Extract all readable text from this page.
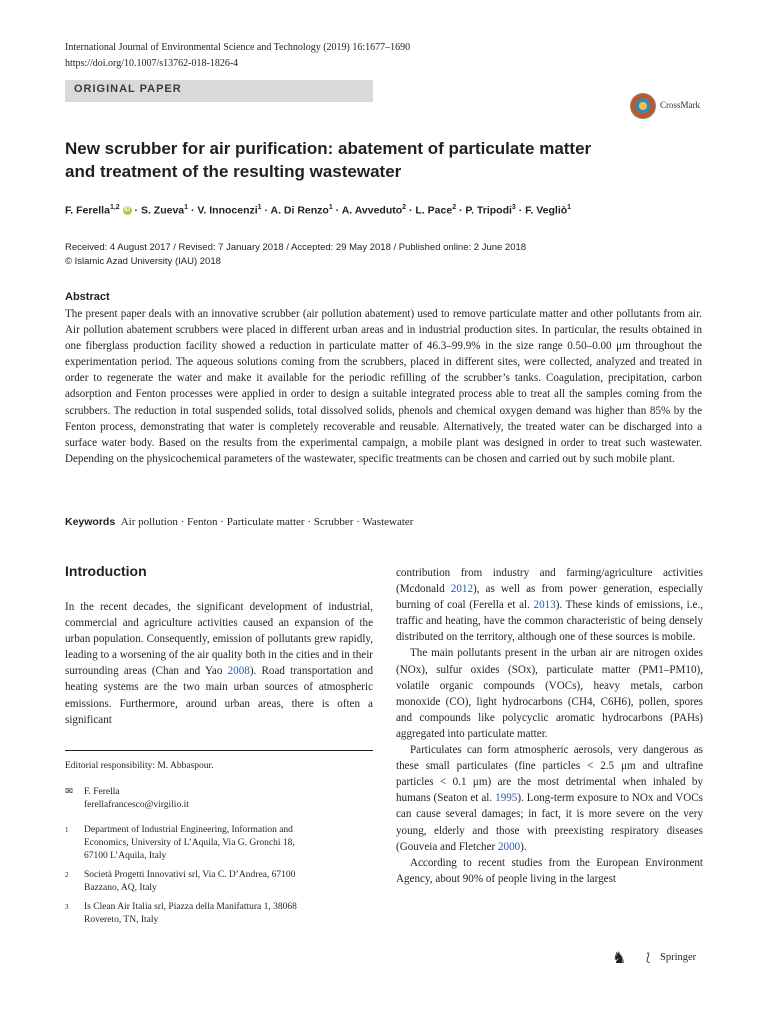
International Journal of Environmental Science and Technology (2019) 16:1677–1690
https://doi.org/10.1007/s13762-018-1826-4
ORIGINAL PAPER
CrossMark
New scrubber for air purification: abatement of particulate matter
and treatment of the resulting wastewater
F. Ferella$^{1,2}$ iD · S. Zueva$^1$ · V. Innocenzi$^1$ · A. Di Renzo$^1$ · A. Avveduto$^2$ · L. Pace$^2$ · P. Tripodi$^3$ · F. Vegliò$^1$
Received: 4 August 2017 / Revised: 7 January 2018 / Accepted: 29 May 2018 / Published online: 2 June 2018
© Islamic Azad University (IAU) 2018
Abstract
The present paper deals with an innovative scrubber (air pollution abatement) used to remove particulate matter and other pollutants from air. Air pollution abatement scrubbers were placed in different urban areas and in industrial production sites. In particular, the results obtained in one fiberglass production facility showed a reduction in particulate matter of 46.3–99.9% in the size range 0.50–0.00 μm throughout the experimentation period. The aqueous solutions coming from the scrubbers, placed in different sites, were collected, analyzed and treated in order to regenerate the water and make it available for the periodic refilling of the scrubber’s tanks. Coagulation, precipitation, carbon adsorption and Fenton processes were applied in order to design a suitable integrated process able to treat all the samples coming from the scrubbers. The reduction in total suspended solids, total dissolved solids, phenols and chemical oxygen demand was higher than 85% by the Fenton process, demonstrating that water is completely recoverable and reusable. Alternatively, the treated water can be discharged into a surface water body. Based on the results from the experimental campaign, a mobile plant was designed in order to treat such wastewater. Depending on the physicochemical parameters of the wastewater, specific treatments can be chosen and carried out by such mobile plant.
Keywords Air pollution · Fenton · Particulate matter · Scrubber · Wastewater
Introduction

In the recent decades, the significant development of industrial, commercial and agriculture activities caused an expansion of the urban population. Consequently, emission of pollutants grew rapidly, leading to a worsening of the air quality both in the cities and in their surrounding areas (Chan and Yao 2008). Road transportation and heating systems are the two main urban sources of atmospheric emissions. Furthermore, around urban areas, there is often a significant

Editorial responsibility: M. Abbaspour.
✉ F. Ferella
ferellafrancesco@virgilio.it
1 Department of Industrial Engineering, Information and Economics, University of L’Aquila, Via G. Gronchi 18, 67100 L’Aquila, Italy
2 Società Progetti Innovativi srl, Via C. D’Andrea, 67100 Bazzano, AQ, Italy
3 Is Clean Air Italia srl, Piazza della Manifattura 1, 38068 Rovereto, TN, Italy

contribution from industry and farming/agriculture activities (Mcdonald 2012), as well as from power generation, especially burning of coal (Ferella et al. 2013). These kinds of emissions, i.e., traffic and heating, have the common characteristic of being densely distributed on the territory, although one of these sources is mobile.

The main pollutants present in the urban air are nitrogen oxides (NOx), sulfur oxides (SOx), particulate matter (PM1–PM10), volatile organic compounds (VOCs), heavy metals, carbon monoxide (CO), light hydrocarbons (CH4, C6H6), pollen, spores and compounds like polycyclic aromatic hydrocarbons (PAHs) aggregated into particulate matter.

Particulates can form atmospheric aerosols, very dangerous as these small particulates (fine particles < 2.5 μm and ultrafine particles < 0.1 μm) are the most detrimental when inhaled by humans (Seaton et al. 1995). Long-term exposure to NOx and VOCs can cause several damages; in fact, it is more severe on the very young, elderly and those with preexisting respiratory diseases (Gouveia and Fletcher 2000).

According to recent studies from the European Environment Agency, about 90% of people living in the largest

♞ ⟅ Springer
